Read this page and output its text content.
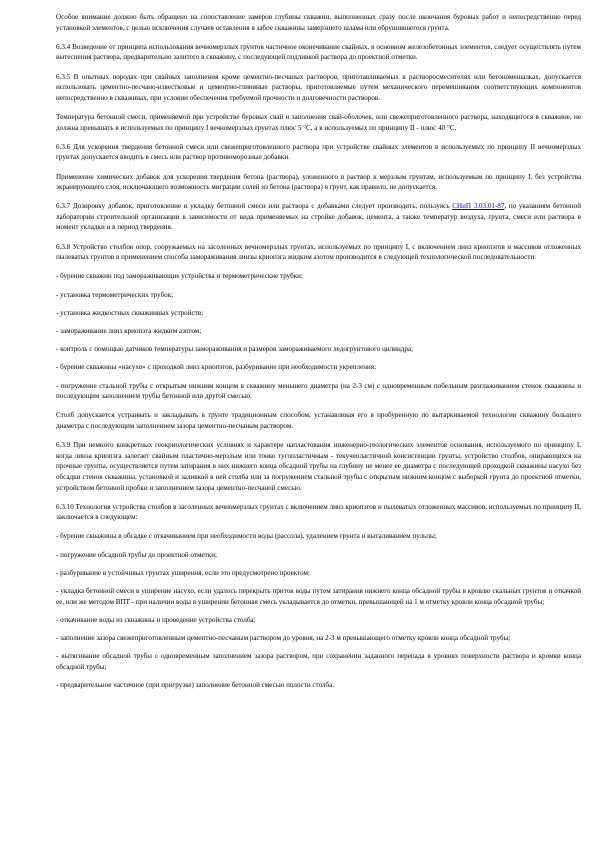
Особое внимание должно быть обращено на сопоставление замеров глубины скважин, выполненных сразу после окончания буровых работ и непосредственно перед установкой элементов, с целью исключения случаев оставления в забое скважины замерзшего шлама или обрушившегося грунта.

6.3.4 Возведение от принципа использования вечномерзлых грунтов частичное оконечивание свайных, в основном железобетонных элементов, следует осуществлять путем вытеснения раствора, предварительно залитого в скважину, с последующей подливкой раствора до проектной отметки.

6.3.5 В опытных породах при свайных заполнения кроме цементно-песчаных растворов, приготавливаемых в растворосмесителях или бетономешалках, допускается использовать цементно-песчано-известковые и цементно-глиняные растворы, приготовляемые путем механического перемешивания соответствующих компонентов непосредственно в скважинах, при условии обеспечения требуемой прочности и долговечности растворов.

Температура бетонной смеси, применяемой при устройстве буровых свай и заполнения свай-оболочек, или свежеприготовленного раствора, находящегося в скважине, не должна превышать в используемых по принципу I вечномерзлых грунтах плюс 5 °С, а в используемых по принципу II - плюс 40 °С.

6.3.6 Для ускорения твердения бетонной смеси или свежеприготовленного раствора при устройстве свайных элементов в используемых по принципу II вечномерзлых грунтах допускается вводить в смесь или раствор противоморозные добавки.

Применение химических добавок для ускорения твердения бетона (раствора), уложенного в раствор к мерзлым грунтам, используемым по принципу I, без устройства экранирующего слоя, исключающего возможность миграции солей из бетона (раствора) в грунт, как правило, не допускается.

6.3.7 Дозировку добавок, приготовление и укладку бетонной смеси или раствора с добавками следует производить, пользуясь СНиП 3.03.01-87, по указаниям бетонной лаборатории строительной организации в зависимости от вида применяемых на стройке добавок, цемента, а также температур воздуха, грунта, смеси или раствора в момент укладки и в период твердения.

6.3.8 Устройство столбов опор, сооружаемых на засоленных вечномерзлых грунтах, используемых по принципу I, с включением линз криопэгов и массивов отложенных пылеватых грунтов в применением способа замораживания линзы криопэга жидким азотом производится в следующей технологической последовательности:

- бурение скважин под замораживающие устройства и термометрические трубки;

- установка термометрических трубок;

- установка жидкостных скважинных устройств;

- замораживание линз криопэга жидким азотом;

- контроль с помощью датчиков температуры замораживания и размеров замораживаемого ледогрунтового цилиндра;

- бурение скважины «насухо» с проходкой линз криопэгов, разбуривание при необходимости укрепления;

- погружение стальной трубы с открытым нижним концом в скважину меньшего диаметра (на 2-3 см) с одновременным побельным разглаживанием стенок скважины и последующим заполнением трубы бетонной или другой смесью.

Столб допускается устраивать и закладывать в грунте традиционным способом, устанавливая его в пробуренную по вытаркиваемой технологии скважину большего диаметра с последующим заполнением зазора цементно-песчаным раствором.

6.3.9 При немного конкретных геокриологических условиях и характере напластования инженерно-геологических элементов основания, используемого по принципу I, когда линза криопэга залегает свайным пластично-мерзлым или тонко тугопластичным - текучепластичной консистенции грунты, устройство столбов, опирающихся на прочные грунты, осуществляется путем затирания в них нижнего конца обсадной трубы на глубину не менее ее диаметра с последующей проходкой скважины насухо без обсадки стенок скважины, установкой и заливкой в ней столба или за погружением стальной трубы с открытым нижним концом с выборкой грунта до проектной отметки, устройством бетонной пробки и заполнением зазора цементно-песчаной смесью.

6.3.10 Технология устройства столбов в засоленных вечномерзлых грунтах с включением линз криопэгов и пылеватых отложенных массивов, используемых по принципу II, заключается в следующем:

- бурение скважины в обсадке с откачиванием при необходимости воды (рассола), удалением грунта и выталиванием пульпы;

- погружение обсадной трубы до проектной отметки;

- разбуривание в устойчивых грунтах уширения, если это предусмотрено проектом;

- укладка бетонной смеси в уширение насухо, если удалось перекрыть приток воды путем затирания нижнего конца обсадной трубы в кровлю скальных грунтов и откачкой ее, или же методом ВПТ - при наличии воды в уширении бетонная смесь укладывается до отметки, превышающей на 1 м отметку кровли конца обсадной трубы;

- откачивание воды из скважины и проведение устройства столба;

- заполнение зазора свежеприготовленным цементно-песчаным раствором до уровня, на 2-3 м превышающего отметку кровли конца обсадной трубы;

- вытягивание обсадной трубы с одновременным заполнением зазора раствором, при сохранении заданного перепада в уровнях поверхности раствора и кромки конца обсадной трубы;

- предварительное частичное (при пригрузке) заполнение бетонной смесью полости столба.
